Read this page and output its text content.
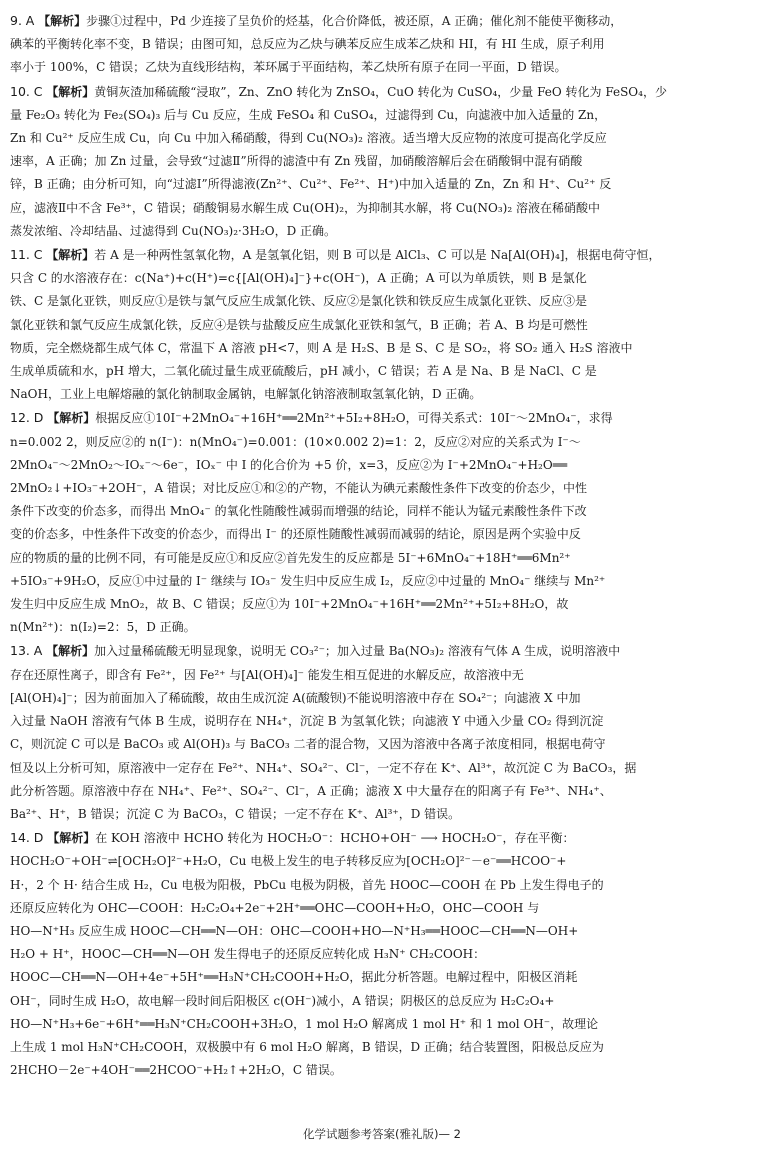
9. A 【解析】步骤①过程中，Pd 少连接了呈负价的烃基，化合价降低，被还原，A 正确；催化剂不能使平衡移动，
碘苯的平衡转化率不变，B 错误；由图可知，总反应为乙炔与碘苯反应生成苯乙炔和 HI，有 HI 生成，原子利用
率小于 100%，C 错误；乙炔为直线形结构，苯环属于平面结构，苯乙炔所有原子在同一平面，D 错误。
10. C 【解析】黄铜灰渣加稀硫酸“浸取”，Zn、ZnO 转化为 ZnSO₄，CuO 转化为 CuSO₄，少量 FeO 转化为 FeSO₄，少
量 Fe₂O₃ 转化为 Fe₂(SO₄)₃ 后与 Cu 反应，生成 FeSO₄ 和 CuSO₄，过滤得到 Cu，向滤液中加入适量的 Zn，
Zn 和 Cu²⁺ 反应生成 Cu，向 Cu 中加入稀硝酸，得到 Cu(NO₃)₂ 溶液。适当增大反应物的浓度可提高化学反应
速率，A 正确；加 Zn 过量，会导致“过滤Ⅱ”所得的滤渣中有 Zn 残留，加硝酸溶解后会在硝酸铜中混有硝酸
锌，B 正确；由分析可知，向“过滤Ⅰ”所得滤液(Zn²⁺、Cu²⁺、Fe²⁺、H⁺)中加入适量的 Zn，Zn 和 H⁺、Cu²⁺ 反
应，滤液Ⅱ中不含 Fe³⁺，C 错误；硝酸铜易水解生成 Cu(OH)₂，为抑制其水解，将 Cu(NO₃)₂ 溶液在稀硝酸中
蒸发浓缩、冷却结晶、过滤得到 Cu(NO₃)₂·3H₂O，D 正确。
11. C 【解析】若 A 是一种两性氢氧化物，A 是氢氧化铝，则 B 可以是 AlCl₃、C 可以是 Na[Al(OH)₄]，根据电荷守恒，
只含 C 的水溶液存在：c(Na⁺)+c(H⁺)=c{[Al(OH)₄]⁻}+c(OH⁻)，A 正确；A 可以为单质铁，则 B 是氯化
铁、C 是氯化亚铁，则反应①是铁与氯气反应生成氯化铁、反应②是氯化铁和铁反应生成氯化亚铁、反应③是
氯化亚铁和氯气反应生成氯化铁，反应④是铁与盐酸反应生成氯化亚铁和氢气，B 正确；若 A、B 均是可燃性
物质，完全燃烧都生成气体 C，常温下 A 溶液 pH<7，则 A 是 H₂S、B 是 S、C 是 SO₂，将 SO₂ 通入 H₂S 溶液中
生成单质硫和水，pH 增大，二氧化硫过量生成亚硫酸后，pH 减小，C 错误；若 A 是 Na、B 是 NaCl、C 是
NaOH，工业上电解熔融的氯化钠制取金属钠，电解氯化钠溶液制取氢氧化钠，D 正确。
12. D 【解析】根据反应①10I⁻+2MnO₄⁻+16H⁺══2Mn²⁺+5I₂+8H₂O，可得关系式：10I⁻～2MnO₄⁻，求得
n=0.002 2，则反应②的 n(I⁻)：n(MnO₄⁻)=0.001：(10×0.002 2)=1：2，反应②对应的关系式为 I⁻～
2MnO₄⁻～2MnO₂～IOₓ⁻～6e⁻，IOₓ⁻ 中 I 的化合价为 +5 价，x=3，反应②为 I⁻+2MnO₄⁻+H₂O══
2MnO₂↓+IO₃⁻+2OH⁻，A 错误；对比反应①和②的产物，不能认为碘元素酸性条件下改变的价态少，中性
条件下改变的价态多，而得出 MnO₄⁻ 的氧化性随酸性减弱而增强的结论，同样不能认为锰元素酸性条件下改
变的价态多，中性条件下改变的价态少，而得出 I⁻ 的还原性随酸性减弱而减弱的结论，原因是两个实验中反
应的物质的量的比例不同，有可能是反应①和反应②首先发生的反应都是 5I⁻+6MnO₄⁻+18H⁺══6Mn²⁺
+5IO₃⁻+9H₂O，反应①中过量的 I⁻ 继续与 IO₃⁻ 发生归中反应生成 I₂，反应②中过量的 MnO₄⁻ 继续与 Mn²⁺
发生归中反应生成 MnO₂，故 B、C 错误；反应①为 10I⁻+2MnO₄⁻+16H⁺══2Mn²⁺+5I₂+8H₂O，故
n(Mn²⁺)：n(I₂)=2：5，D 正确。
13. A 【解析】加入过量稀硫酸无明显现象，说明无 CO₃²⁻；加入过量 Ba(NO₃)₂ 溶液有气体 A 生成，说明溶液中
存在还原性离子，即含有 Fe²⁺，因 Fe²⁺ 与[Al(OH)₄]⁻ 能发生相互促进的水解反应，故溶液中无
[Al(OH)₄]⁻；因为前面加入了稀硫酸，故由生成沉淀 A(硫酸钡)不能说明溶液中存在 SO₄²⁻；向滤液 X 中加
入过量 NaOH 溶液有气体 B 生成，说明存在 NH₄⁺，沉淀 B 为氢氧化铁；向滤液 Y 中通入少量 CO₂ 得到沉淀
C，则沉淀 C 可以是 BaCO₃ 或 Al(OH)₃ 与 BaCO₃ 二者的混合物，又因为溶液中各离子浓度相同，根据电荷守
恒及以上分析可知，原溶液中一定存在 Fe²⁺、NH₄⁺、SO₄²⁻、Cl⁻，一定不存在 K⁺、Al³⁺，故沉淀 C 为 BaCO₃，据
此分析答题。原溶液中存在 NH₄⁺、Fe²⁺、SO₄²⁻、Cl⁻，A 正确；滤液 X 中大量存在的阳离子有 Fe³⁺、NH₄⁺、
Ba²⁺、H⁺，B 错误；沉淀 C 为 BaCO₃，C 错误；一定不存在 K⁺、Al³⁺，D 错误。
14. D 【解析】在 KOH 溶液中 HCHO 转化为 HOCH₂O⁻：HCHO+OH⁻ ⟶ HOCH₂O⁻，存在平衡：
HOCH₂O⁻+OH⁻⇌[OCH₂O]²⁻+H₂O，Cu 电极上发生的电子转移反应为[OCH₂O]²⁻－e⁻══HCOO⁻+
H·，2 个 H· 结合生成 H₂，Cu 电极为阳极，PbCu 电极为阴极，首先 HOOC—COOH 在 Pb 上发生得电子的
还原反应转化为 OHC—COOH：H₂C₂O₄+2e⁻+2H⁺══OHC—COOH+H₂O，OHC—COOH 与
HO—N⁺H₃ 反应生成 HOOC—CH══N—OH：OHC—COOH+HO—N⁺H₃══HOOC—CH══N—OH+
H₂O + H⁺，HOOC—CH══N—OH 发生得电子的还原反应转化成 H₃N⁺ CH₂COOH：
HOOC—CH══N—OH+4e⁻+5H⁺══H₃N⁺CH₂COOH+H₂O，据此分析答题。电解过程中，阳极区消耗
OH⁻，同时生成 H₂O，故电解一段时间后阳极区 c(OH⁻)减小，A 错误；阴极区的总反应为 H₂C₂O₄+
HO—N⁺H₃+6e⁻+6H⁺══H₃N⁺CH₂COOH+3H₂O，1 mol H₂O 解离成 1 mol H⁺ 和 1 mol OH⁻，故理论
上生成 1 mol H₃N⁺CH₂COOH，双极膜中有 6 mol H₂O 解离，B 错误，D 正确；结合装置图，阳极总反应为
2HCHO－2e⁻+4OH⁻══2HCOO⁻+H₂↑+2H₂O，C 错误。
化学试题参考答案(雅礼版)— 2
